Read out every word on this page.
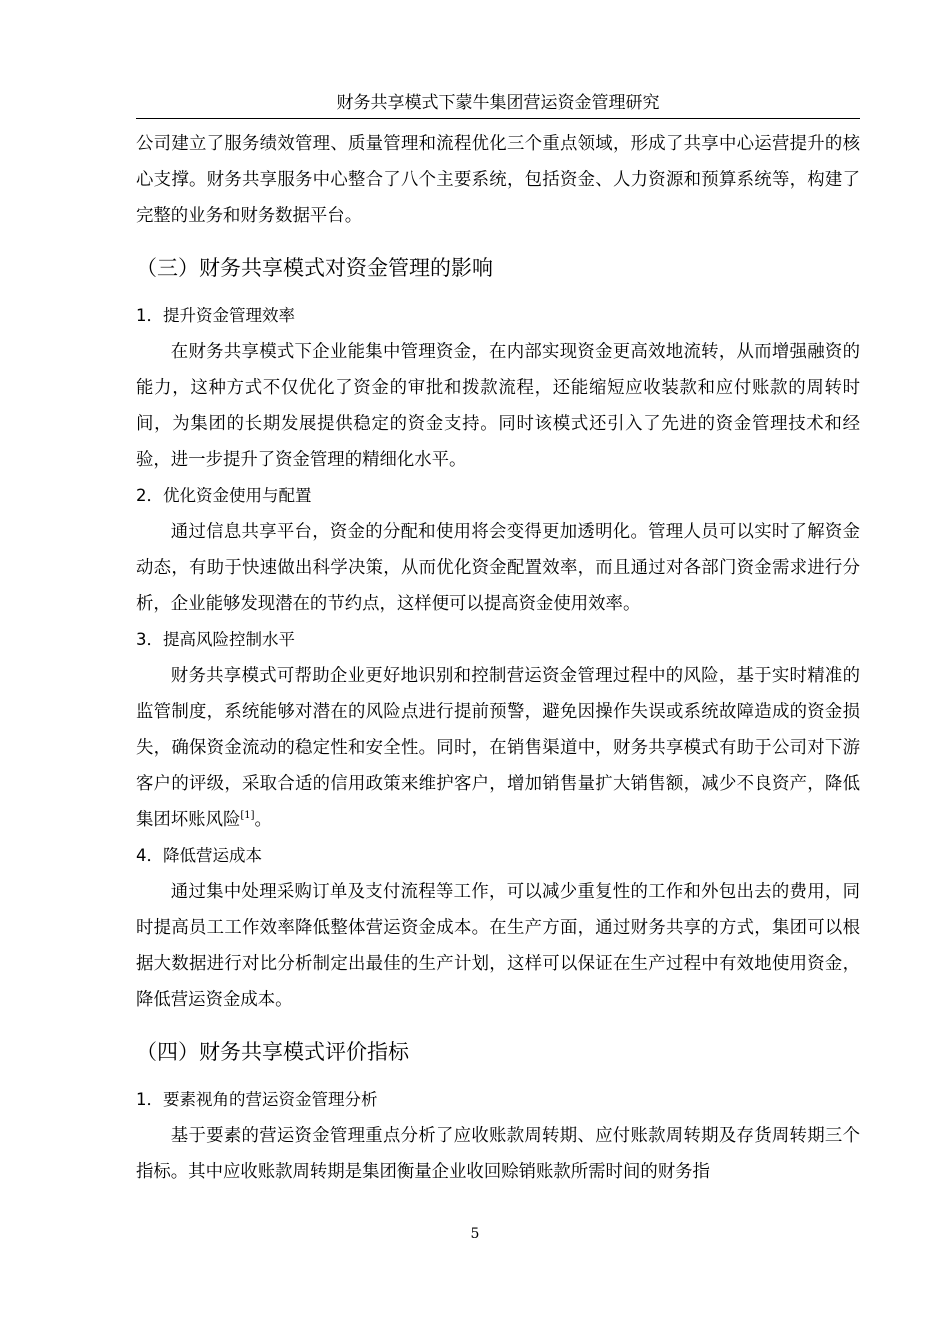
财务共享模式下蒙牛集团营运资金管理研究

公司建立了服务绩效管理、质量管理和流程优化三个重点领域，形成了共享中心运营提升的核心支撑。财务共享服务中心整合了八个主要系统，包括资金、人力资源和预算系统等，构建了完整的业务和财务数据平台。

（三）财务共享模式对资金管理的影响
1．提升资金管理效率

在财务共享模式下企业能集中管理资金，在内部实现资金更高效地流转，从而增强融资的能力，这种方式不仅优化了资金的审批和拨款流程，还能缩短应收装款和应付账款的周转时间，为集团的长期发展提供稳定的资金支持。同时该模式还引入了先进的资金管理技术和经验，进一步提升了资金管理的精细化水平。

2．优化资金使用与配置

通过信息共享平台，资金的分配和使用将会变得更加透明化。管理人员可以实时了解资金动态，有助于快速做出科学决策，从而优化资金配置效率，而且通过对各部门资金需求进行分析，企业能够发现潜在的节约点，这样便可以提高资金使用效率。

3．提高风险控制水平

财务共享模式可帮助企业更好地识别和控制营运资金管理过程中的风险，基于实时精准的监管制度，系统能够对潜在的风险点进行提前预警，避免因操作失误或系统故障造成的资金损失，确保资金流动的稳定性和安全性。同时，在销售渠道中，财务共享模式有助于公司对下游客户的评级，采取合适的信用政策来维护客户，增加销售量扩大销售额，减少不良资产，降低集团坏账风险[1]。

4．降低营运成本

通过集中处理采购订单及支付流程等工作，可以减少重复性的工作和外包出去的费用，同时提高员工工作效率降低整体营运资金成本。在生产方面，通过财务共享的方式，集团可以根据大数据进行对比分析制定出最佳的生产计划，这样可以保证在生产过程中有效地使用资金，降低营运资金成本。

（四）财务共享模式评价指标
1．要素视角的营运资金管理分析

基于要素的营运资金管理重点分析了应收账款周转期、应付账款周转期及存货周转期三个指标。其中应收账款周转期是集团衡量企业收回赊销账款所需时间的财务指

5
